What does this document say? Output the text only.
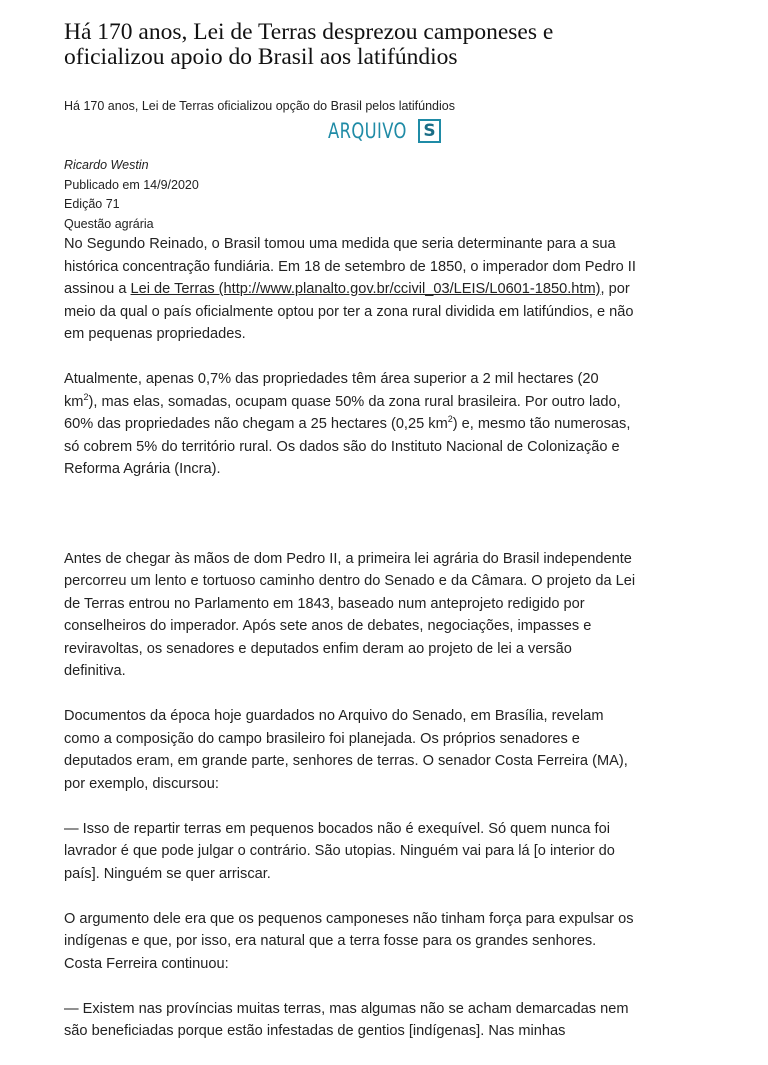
Há 170 anos, Lei de Terras desprezou camponeses e oficializou apoio do Brasil aos latifúndios
Há 170 anos, Lei de Terras oficializou opção do Brasil pelos latifúndios
ARQUIVO S
Ricardo Westin
Publicado em 14/9/2020
Edição 71
Questão agrária

No Segundo Reinado, o Brasil tomou uma medida que seria determinante para a sua histórica concentração fundiária. Em 18 de setembro de 1850, o imperador dom Pedro II assinou a Lei de Terras (http://www.planalto.gov.br/ccivil_03/LEIS/L0601-1850.htm), por meio da qual o país oficialmente optou por ter a zona rural dividida em latifúndios, e não em pequenas propriedades.

Atualmente, apenas 0,7% das propriedades têm área superior a 2 mil hectares (20 $km^2$), mas elas, somadas, ocupam quase 50% da zona rural brasileira. Por outro lado, 60% das propriedades não chegam a 25 hectares (0,25 $km^2$) e, mesmo tão numerosas, só cobrem 5% do território rural. Os dados são do Instituto Nacional de Colonização e Reforma Agrária (Incra).

Antes de chegar às mãos de dom Pedro II, a primeira lei agrária do Brasil independente percorreu um lento e tortuoso caminho dentro do Senado e da Câmara. O projeto da Lei de Terras entrou no Parlamento em 1843, baseado num anteprojeto redigido por conselheiros do imperador. Após sete anos de debates, negociações, impasses e reviravoltas, os senadores e deputados enfim deram ao projeto de lei a versão definitiva.

Documentos da época hoje guardados no Arquivo do Senado, em Brasília, revelam como a composição do campo brasileiro foi planejada. Os próprios senadores e deputados eram, em grande parte, senhores de terras. O senador Costa Ferreira (MA), por exemplo, discursou:

— Isso de repartir terras em pequenos bocados não é exequível. Só quem nunca foi lavrador é que pode julgar o contrário. São utopias. Ninguém vai para lá [o interior do país]. Ninguém se quer arriscar.

O argumento dele era que os pequenos camponeses não tinham força para expulsar os indígenas e que, por isso, era natural que a terra fosse para os grandes senhores. Costa Ferreira continuou:

— Existem nas províncias muitas terras, mas algumas não se acham demarcadas nem são beneficiadas porque estão infestadas de gentios [indígenas]. Nas minhas
